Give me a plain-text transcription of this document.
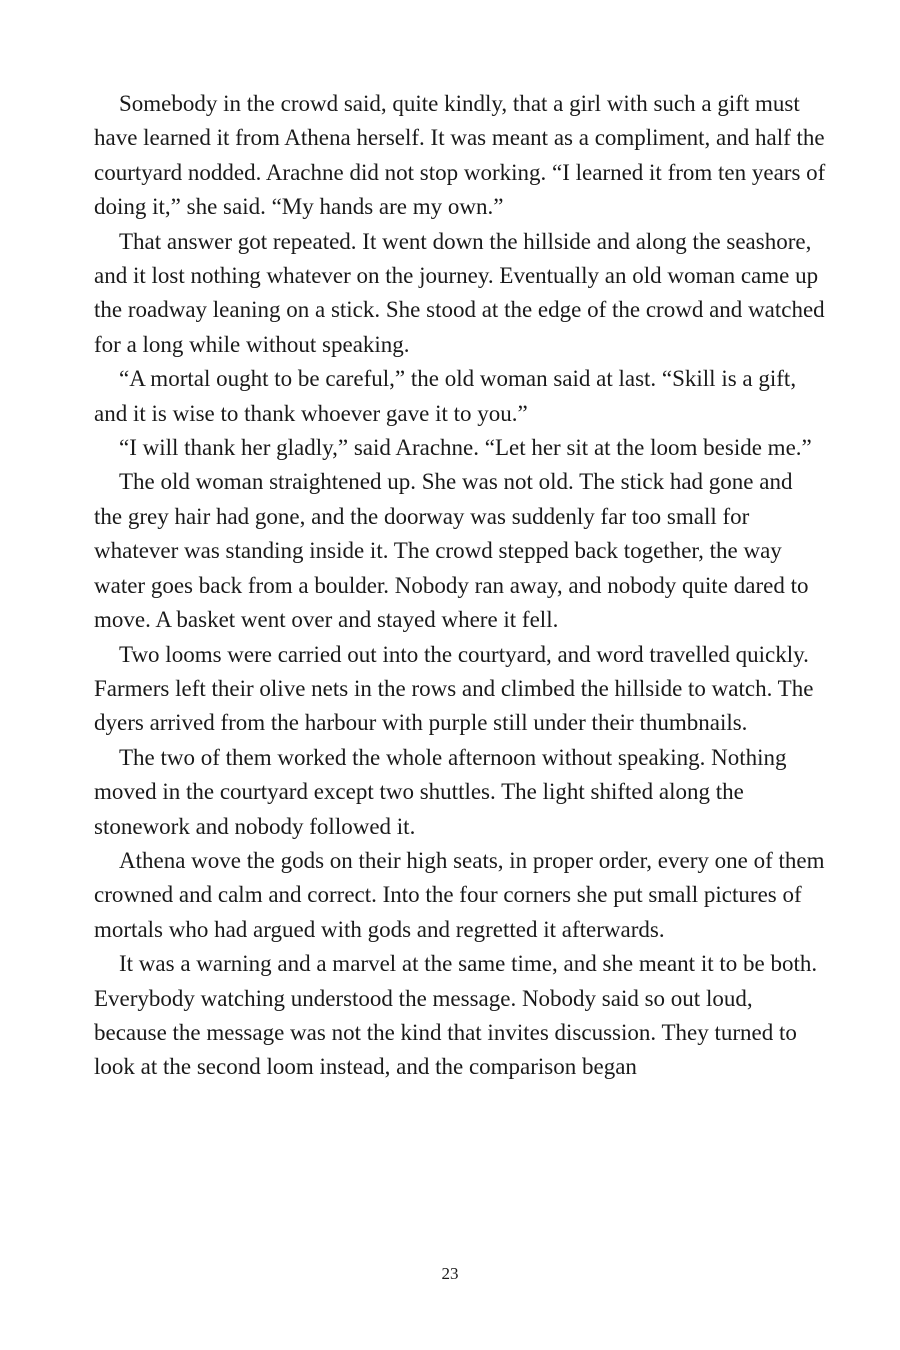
Somebody in the crowd said, quite kindly, that a girl with such a gift must have learned it from Athena herself. It was meant as a compliment, and half the courtyard nodded. Arachne did not stop working. “I learned it from ten years of doing it,” she said. “My hands are my own.”

That answer got repeated. It went down the hillside and along the seashore, and it lost nothing whatever on the journey. Eventually an old woman came up the roadway leaning on a stick. She stood at the edge of the crowd and watched for a long while without speaking.

“A mortal ought to be careful,” the old woman said at last. “Skill is a gift, and it is wise to thank whoever gave it to you.”

“I will thank her gladly,” said Arachne. “Let her sit at the loom beside me.”

The old woman straightened up. She was not old. The stick had gone and the grey hair had gone, and the doorway was suddenly far too small for whatever was standing inside it. The crowd stepped back together, the way water goes back from a boulder. Nobody ran away, and nobody quite dared to move. A basket went over and stayed where it fell.

Two looms were carried out into the courtyard, and word travelled quickly. Farmers left their olive nets in the rows and climbed the hillside to watch. The dyers arrived from the harbour with purple still under their thumbnails.

The two of them worked the whole afternoon without speaking. Nothing moved in the courtyard except two shuttles. The light shifted along the stonework and nobody followed it.

Athena wove the gods on their high seats, in proper order, every one of them crowned and calm and correct. Into the four corners she put small pictures of mortals who had argued with gods and regretted it afterwards.

It was a warning and a marvel at the same time, and she meant it to be both. Everybody watching understood the message. Nobody said so out loud, because the message was not the kind that invites discussion. They turned to look at the second loom instead, and the comparison began

23
